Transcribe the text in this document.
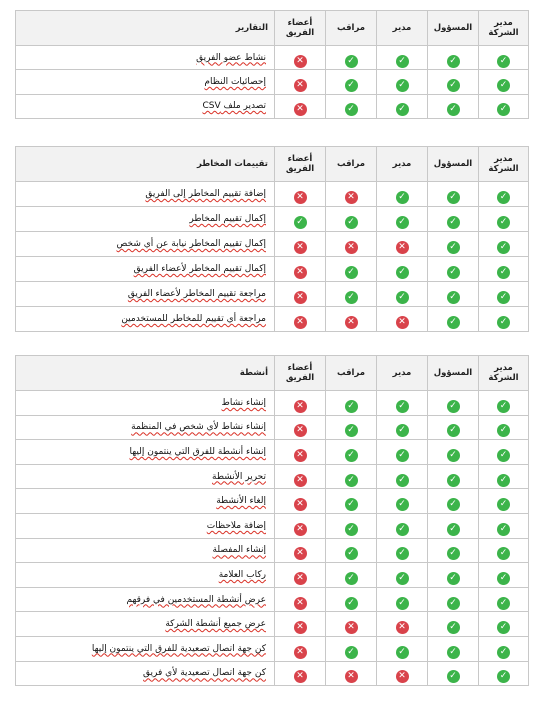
مدير الشركة	المسؤول	مدير	مراقب	أعضاء الفريق	التقارير
✓	✓	✓	✓	✕	نشاط عضو الفريق
✓	✓	✓	✓	✕	إحصائيات النظام
✓	✓	✓	✓	✕	تصدير ملف CSV
مدير الشركة	المسؤول	مدير	مراقب	أعضاء الفريق	تقييمات المخاطر
✓	✓	✓	✕	✕	إضافة تقييم المخاطر إلى الفريق
✓	✓	✓	✓	✓	إكمال تقييم المخاطر
✓	✓	✕	✕	✕	إكمال تقييم المخاطر نيابة عن أي شخص
✓	✓	✓	✓	✕	إكمال تقييم المخاطر لأعضاء الفريق
✓	✓	✓	✓	✕	مراجعة تقييم المخاطر لأعضاء الفريق
✓	✓	✕	✕	✕	مراجعة أي تقييم للمخاطر للمستخدمين
مدير الشركة	المسؤول	مدير	مراقب	أعضاء الفريق	أنشطة
✓	✓	✓	✓	✕	إنشاء نشاط
✓	✓	✓	✓	✕	إنشاء نشاط لأي شخص في المنظمة
✓	✓	✓	✓	✕	إنشاء أنشطة للفرق التي ينتمون إليها
✓	✓	✓	✓	✕	تحرير الأنشطة
✓	✓	✓	✓	✕	إلغاء الأنشطة
✓	✓	✓	✓	✕	إضافة ملاحظات
✓	✓	✓	✓	✕	إنشاء المفصلة
✓	✓	✓	✓	✕	ركاب العلامة
✓	✓	✓	✓	✕	عرض أنشطة المستخدمين في فرقهم
✓	✓	✕	✕	✕	عرض جميع أنشطة الشركة
✓	✓	✓	✓	✕	كن جهة اتصال تصعيدية للفرق التي ينتمون إليها
✓	✓	✕	✕	✕	كن جهة اتصال تصعيدية لأي فريق
